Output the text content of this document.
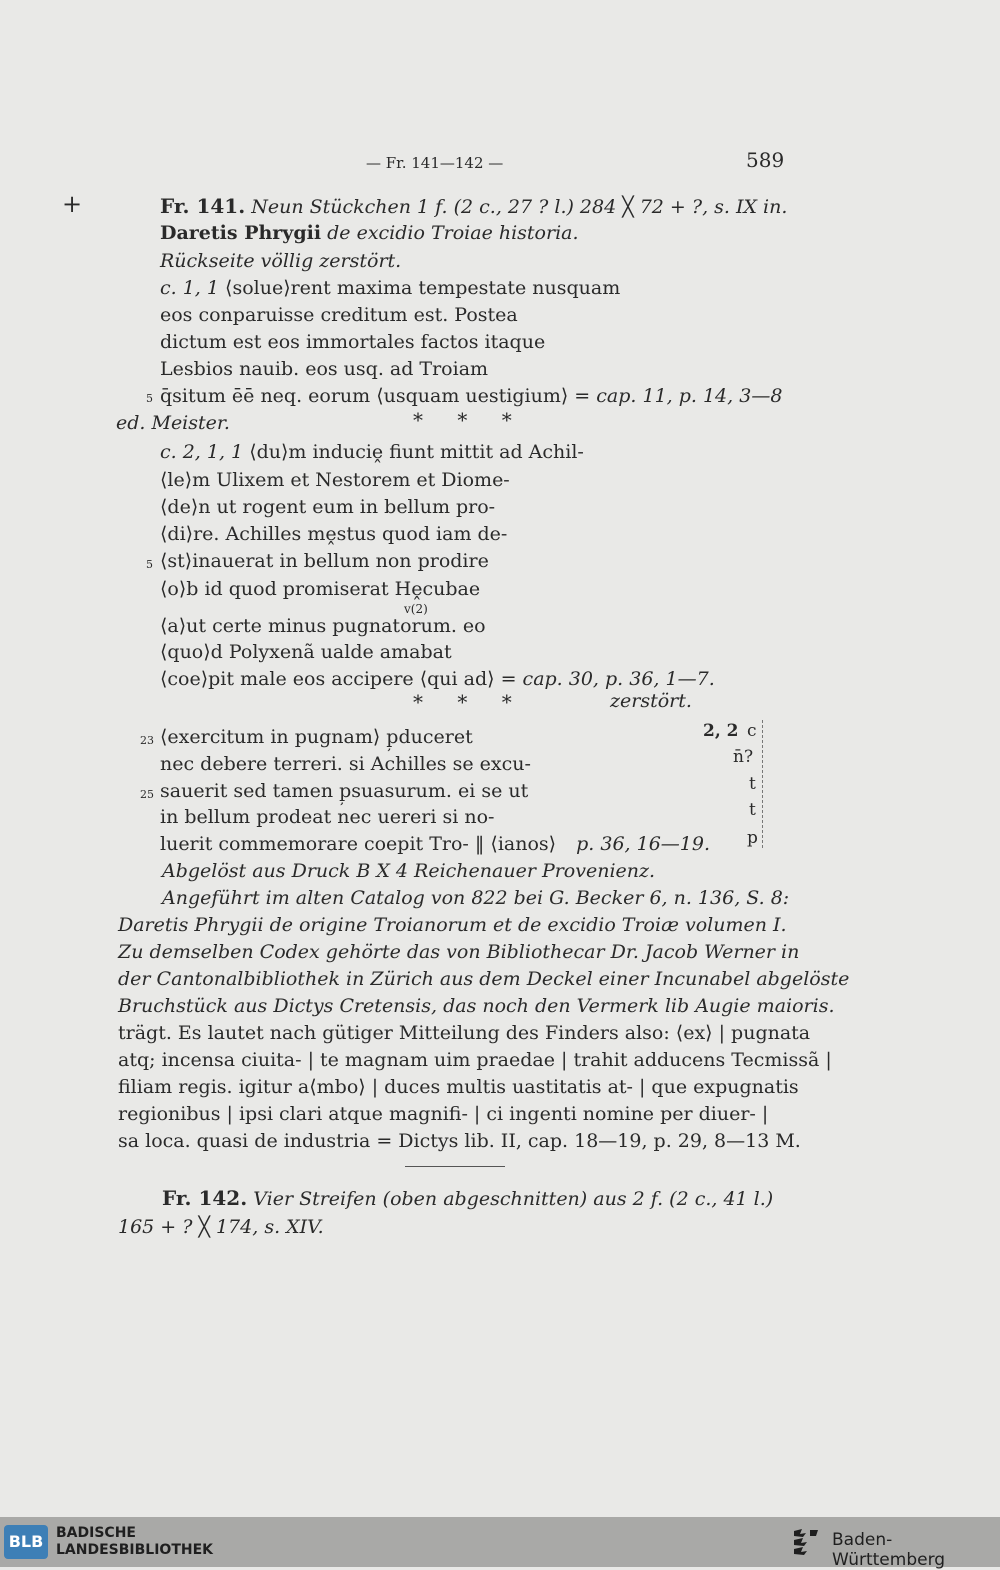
— Fr. 141—142 —	589
+	Fr. 141. Neun Stückchen 1 f. (2 c., 27 ? l.) 284 ╳ 72 + ?, s. IX in.
Daretis Phrygii de excidio Troiae historia.
Rückseite völlig zerstört.
c. 1, 1 ⟨solue⟩rent maxima tempestate nusquam
eos conparuisse creditum est. Postea
dictum est eos immortales factos itaque
Lesbios nauib. eos usq. ad Troiam
5 q̄situm ēē neq. eorum ⟨usquam uestigium⟩ = cap. 11, p. 14, 3—8
ed. Meister.	* * *
c. 2, 1, 1 ⟨du⟩m induciḙ fiunt mittit ad Achil-
⟨le⟩m Ulixem et Nestorem et Diome-
⟨de⟩n ut rogent eum in bellum pro-
⟨di⟩re. Achilles mḙstus quod iam de-
5 ⟨st⟩inauerat in bellum non prodire
⟨o⟩b id quod promiserat Hḙcubae
v(2)
⟨a⟩ut certe minus pugnatorum. eo
⟨quo⟩d Polyxenã ualde amabat
⟨coe⟩pit male eos accipere ⟨qui ad⟩ = cap. 30, p. 36, 1—7.
zerstört.
* * *
23 ⟨exercitum in pugnam⟩ p̦duceret
nec debere terreri. si Achilles se excu-
25 sauerit sed tamen p̦suasurum. ei se ut
in bellum prodeat nec uereri si no-
luerit commemorare coepit Tro- ‖ ⟨ianos⟩ p. 36, 16—19.
2, 2 c
n̄?
t
t
p
Abgelöst aus Druck B X 4 Reichenauer Provenienz.
Angeführt im alten Catalog von 822 bei G. Becker 6, n. 136, S. 8:
Daretis Phrygii de origine Troianorum et de excidio Troiæ volumen I.
Zu demselben Codex gehörte das von Bibliothecar Dr. Jacob Werner in
der Cantonalbibliothek in Zürich aus dem Deckel einer Incunabel abgelöste
Bruchstück aus Dictys Cretensis, das noch den Vermerk lib Augie maioris.
trägt. Es lautet nach gütiger Mitteilung des Finders also: ⟨ex⟩ | pugnata
atq; incensa ciuita- | te magnam uim praedae | trahit adducens Tecmissã |
filiam regis. igitur a⟨mbo⟩ | duces multis uastitatis at- | que expugnatis
regionibus | ipsi clari atque magnifi- | ci ingenti nomine per diuer- |
sa loca. quasi de industria = Dictys lib. II, cap. 18—19, p. 29, 8—13 M.
Fr. 142. Vier Streifen (oben abgeschnitten) aus 2 f. (2 c., 41 l.)
165 + ? ╳ 174, s. XIV.
BLB BADISCHE
LANDESBIBLIOTHEK	Baden-Württemberg
